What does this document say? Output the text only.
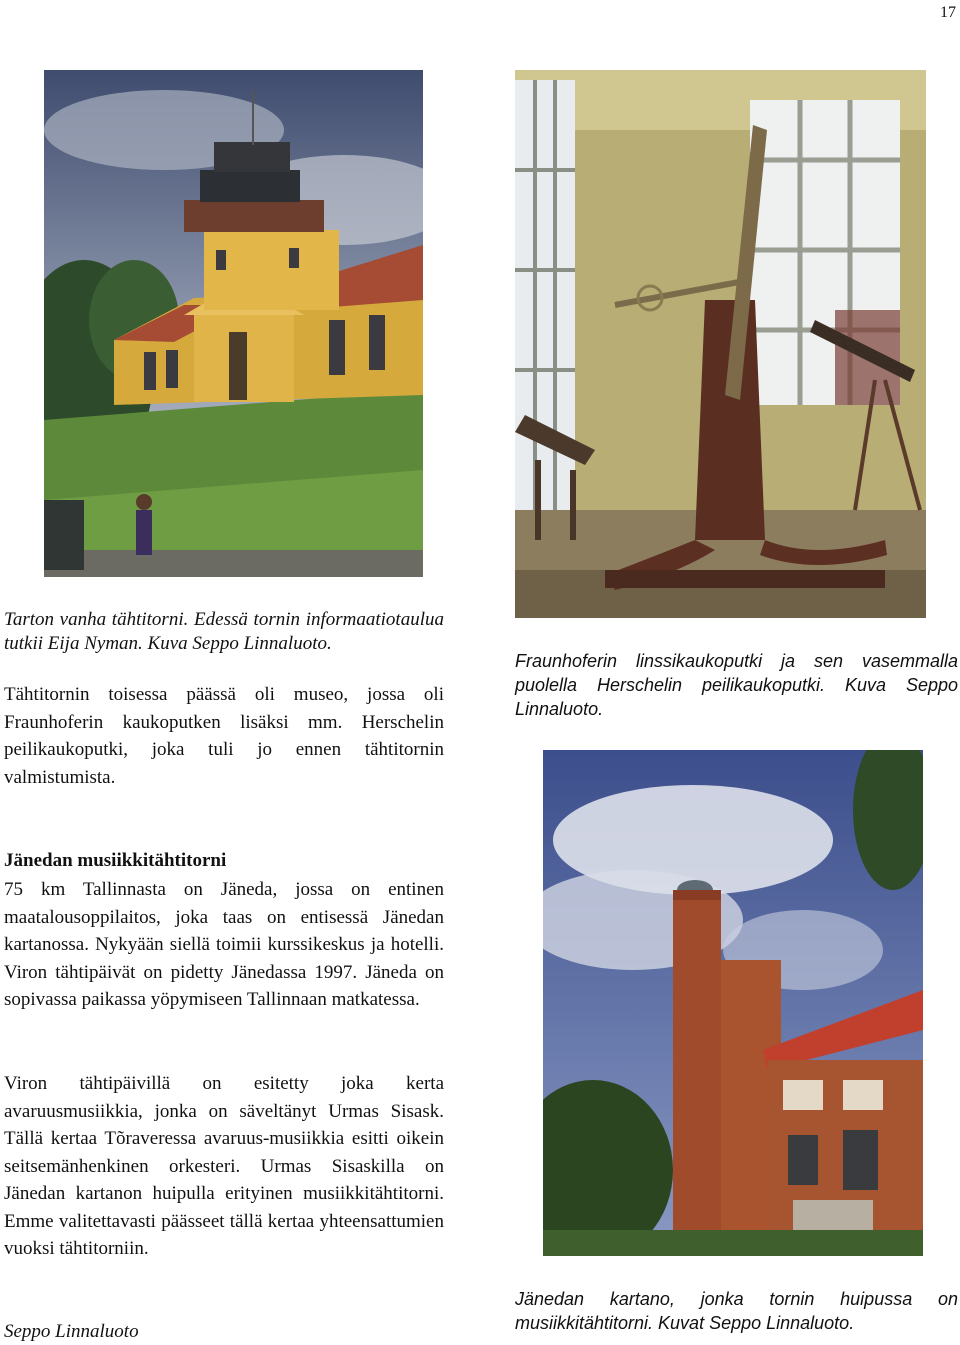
17

Tarton vanha tähtitorni. Edessä tornin informaatiotaulua tutkii Eija Nyman. Kuva Seppo Linnaluoto.

Fraunhoferin linssikaukoputki ja sen vasemmalla puolella Herschelin peilikaukoputki. Kuva Seppo Linnaluoto.

Jänedan kartano, jonka tornin huipussa on musiikkitähtitorni. Kuvat Seppo Linnaluoto.

Tähtitornin toisessa päässä oli museo, jossa oli Fraunhoferin kaukoputken lisäksi mm. Herschelin peilikaukoputki, joka tuli jo ennen tähtitornin valmistumista.

Jänedan musiikkitähtitorni

75 km Tallinnasta on Jäneda, jossa on entinen maatalousoppilaitos, joka taas on entisessä Jänedan kartanossa. Nykyään siellä toimii kurssikeskus ja hotelli. Viron tähtipäivät on pidetty Jänedassa 1997. Jäneda on sopivassa paikassa yöpymiseen Tallinnaan matkatessa.

Viron tähtipäivillä on esitetty joka kerta avaruusmusiikkia, jonka on säveltänyt Urmas Sisask. Tällä kertaa Tõraveressa avaruus-musiikkia esitti oikein seitsemänhenkinen orkesteri. Urmas Sisaskilla on Jänedan kartanon huipulla erityinen musiikkitähtitorni. Emme valitettavasti päässeet tällä kertaa yhteensattumien vuoksi tähtitorniin.

Seppo Linnaluoto
